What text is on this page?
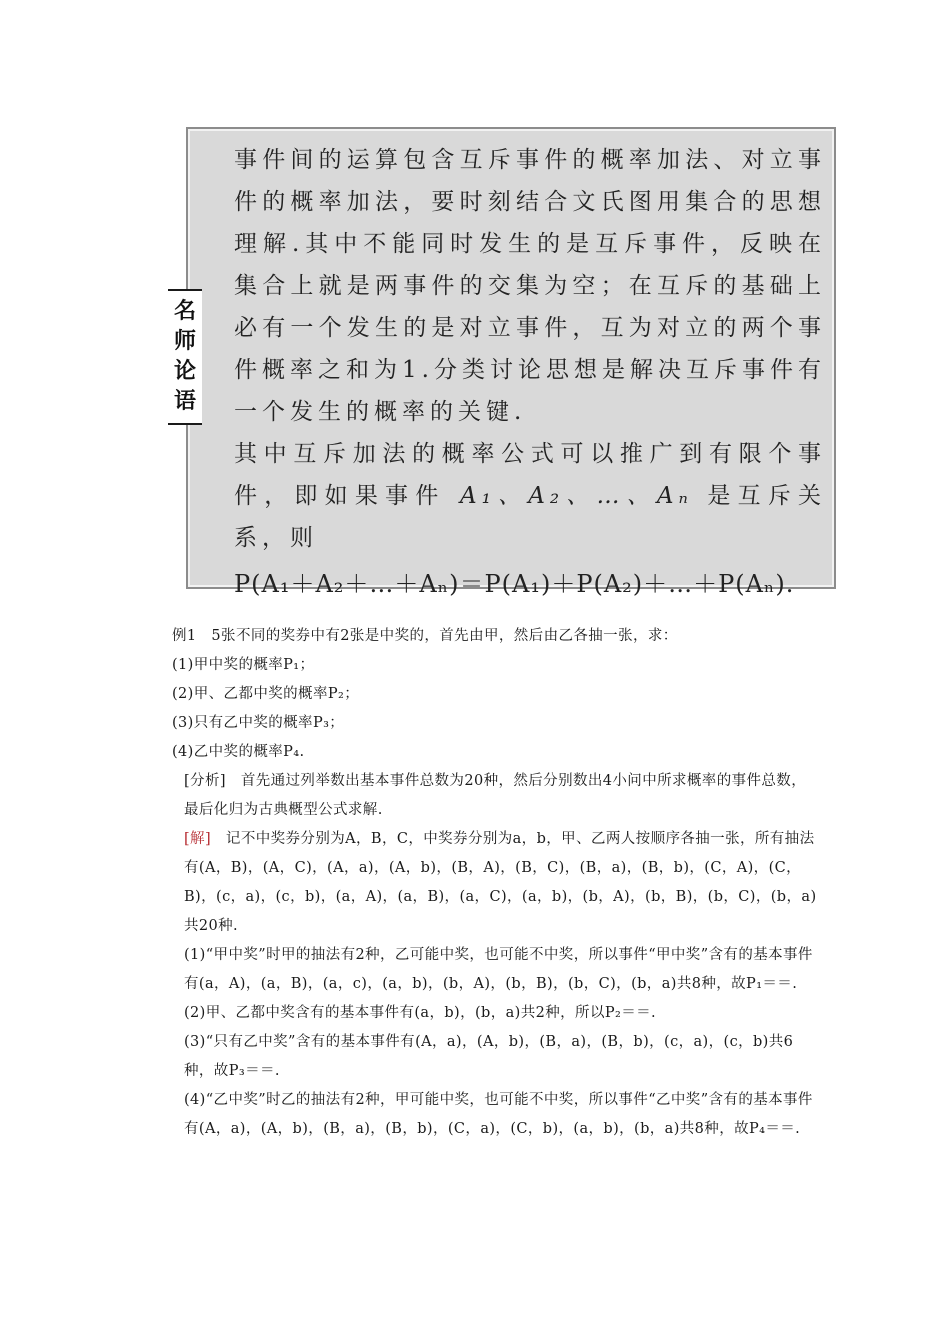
名
师
论
语

事件间的运算包含互斥事件的概率加法、对立事件的概率加法，要时刻结合文氏图用集合的思想理解.其中不能同时发生的是互斥事件，反映在集合上就是两事件的交集为空；在互斥的基础上必有一个发生的是对立事件，互为对立的两个事件概率之和为1.分类讨论思想是解决互斥事件有一个发生的概率的关键.

其中互斥加法的概率公式可以推广到有限个事件，即如果事件 A₁、A₂、…、Aₙ 是互斥关系，则

P(A₁＋A₂＋…＋Aₙ)＝P(A₁)＋P(A₂)＋…＋P(Aₙ).

例1　5张不同的奖券中有2张是中奖的，首先由甲，然后由乙各抽一张，求：

(1)甲中奖的概率P₁；

(2)甲、乙都中奖的概率P₂；

(3)只有乙中奖的概率P₃；

(4)乙中奖的概率P₄.

[分析]　 首先通过列举数出基本事件总数为20种，然后分别数出4小问中所求概率的事件总数，最后化归为古典概型公式求解.

[解]　 记不中奖券分别为A，B，C，中奖券分别为a，b，甲、乙两人按顺序各抽一张，所有抽法有(A，B)，(A，C)，(A，a)，(A，b)，(B，A)，(B，C)，(B，a)，(B，b)，(C，A)，(C，B)，(c，a)，(c，b)，(a，A)，(a，B)，(a，C)，(a，b)，(b，A)，(b，B)，(b，C)，(b，a)共20种.

(1)“甲中奖”时甲的抽法有2种，乙可能中奖，也可能不中奖，所以事件“甲中奖”含有的基本事件有(a，A)，(a，B)，(a，c)，(a，b)，(b，A)，(b，B)，(b，C)，(b，a)共8种，故P₁＝＝.

(2)甲、乙都中奖含有的基本事件有(a，b)，(b，a)共2种，所以P₂＝＝.

(3)“只有乙中奖”含有的基本事件有(A，a)，(A，b)，(B，a)，(B，b)，(c，a)，(c，b)共6种，故P₃＝＝.

(4)“乙中奖”时乙的抽法有2种，甲可能中奖，也可能不中奖，所以事件“乙中奖”含有的基本事件有(A，a)，(A，b)，(B，a)，(B，b)，(C，a)，(C，b)，(a，b)，(b，a)共8种，故P₄＝＝.
